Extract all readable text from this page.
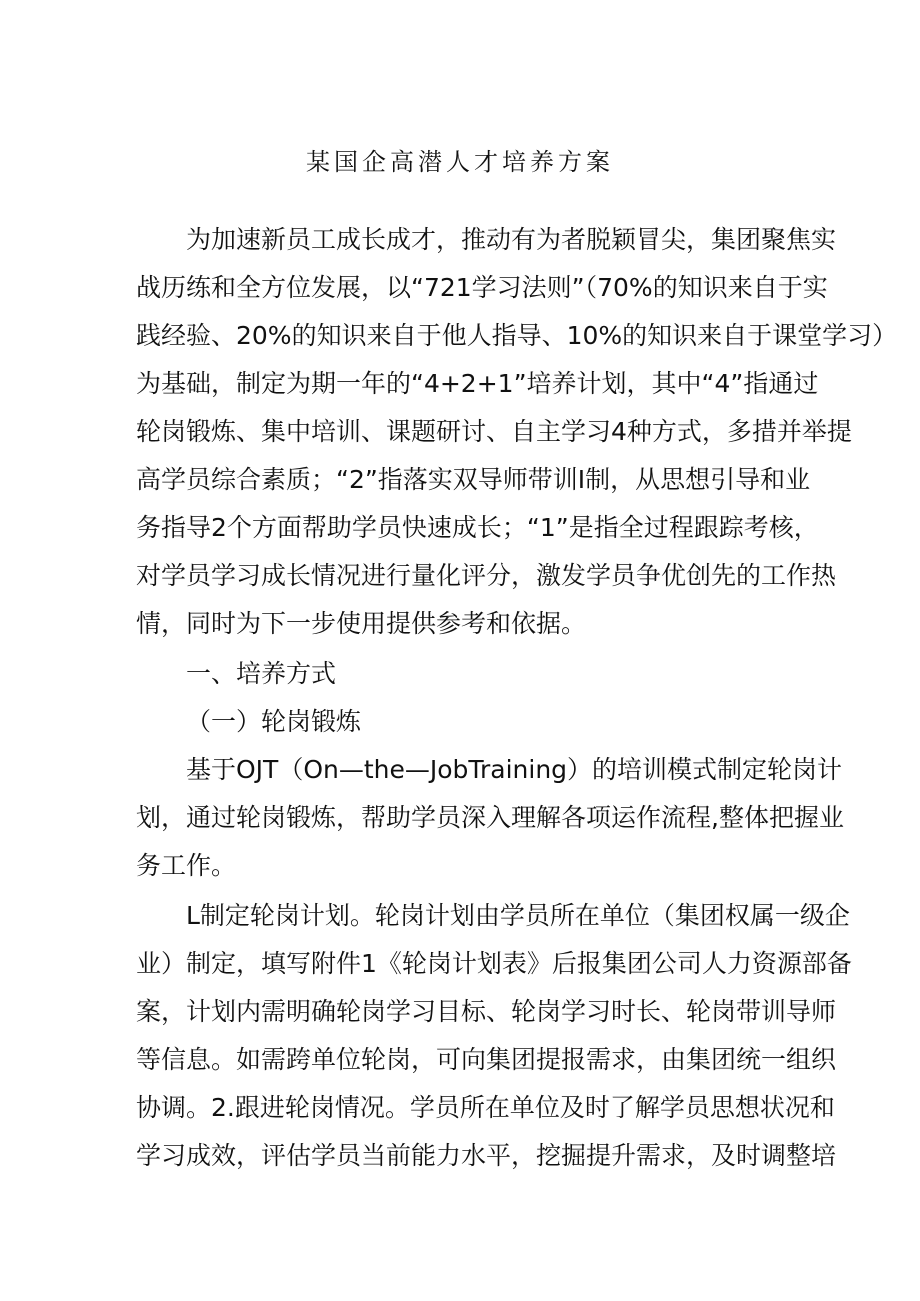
某国企高潜人才培养方案
为加速新员工成长成才，推动有为者脱颖冒尖，集团聚焦实
战历练和全方位发展，以“721学习法则”（70%的知识来自于实
践经验、20%的知识来自于他人指导、10%的知识来自于课堂学习）
为基础，制定为期一年的“4+2+1”培养计划，其中“4”指通过
轮岗锻炼、集中培训、课题研讨、自主学习4种方式，多措并举提
高学员综合素质；“2”指落实双导师带训I制，从思想引导和业
务指导2个方面帮助学员快速成长；“1”是指全过程跟踪考核，
对学员学习成长情况进行量化评分，激发学员争优创先的工作热
情，同时为下一步使用提供参考和依据。
一、培养方式
（一）轮岗锻炼
基于OJT（On—the—JobTraining）的培训模式制定轮岗计
划，通过轮岗锻炼，帮助学员深入理解各项运作流程,整体把握业
务工作。
L制定轮岗计划。轮岗计划由学员所在单位（集团权属一级企
业）制定，填写附件1《轮岗计划表》后报集团公司人力资源部备
案，计划内需明确轮岗学习目标、轮岗学习时长、轮岗带训导师
等信息。如需跨单位轮岗，可向集团提报需求，由集团统一组织
协调。2.跟进轮岗情况。学员所在单位及时了解学员思想状况和
学习成效，评估学员当前能力水平，挖掘提升需求，及时调整培
